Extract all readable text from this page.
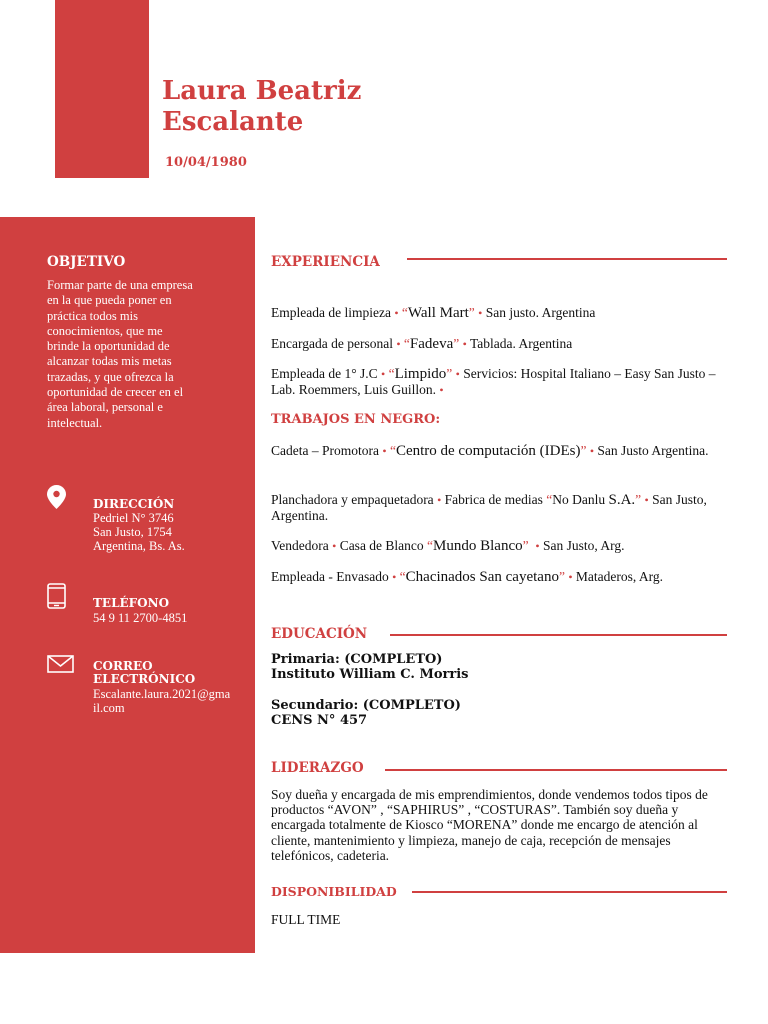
Laura Beatriz
Escalante
10/04/1980
OBJETIVO
Formar parte de una empresa en la que pueda poner en práctica todos mis conocimientos, que me brinde la oportunidad de alcanzar todas mis metas trazadas, y que ofrezca la oportunidad de crecer en el área laboral, personal e intelectual.
DIRECCIÓN
Pedriel N° 3746
San Justo, 1754
Argentina, Bs. As.
TELÉFONO
54 9 11 2700-4851
CORREO
ELECTRÓNICO
Escalante.laura.2021@gmail.com
EXPERIENCIA
Empleada de limpieza • “Wall Mart” • San justo. Argentina
Encargada de personal • “Fadeva” • Tablada. Argentina
Empleada de 1° J.C • “Limpido” • Servicios: Hospital Italiano – Easy San Justo – Lab. Roemmers, Luis Guillon. •
TRABAJOS EN NEGRO:
Cadeta – Promotora • “Centro de computación (IDEs)” • San Justo Argentina.
Planchadora y empaquetadora • Fabrica de medias “No Danlu S.A.” • San Justo, Argentina.
Vendedora • Casa de Blanco “Mundo Blanco” • San Justo, Arg.
Empleada - Envasado • “Chacinados San cayetano” • Mataderos, Arg.
EDUCACIÓN
Primaria: (COMPLETO)
Instituto William C. Morris
Secundario: (COMPLETO)
CENS N° 457
LIDERAZGO
Soy dueña y encargada de mis emprendimientos, donde vendemos todos tipos de productos “AVON” , “SAPHIRUS” , “COSTURAS”. También soy dueña y encargada totalmente de Kiosco “MORENA” donde me encargo de atención al cliente, mantenimiento y limpieza, manejo de caja, recepción de mensajes telefónicos, cadeteria.
DISPONIBILIDAD
FULL TIME
